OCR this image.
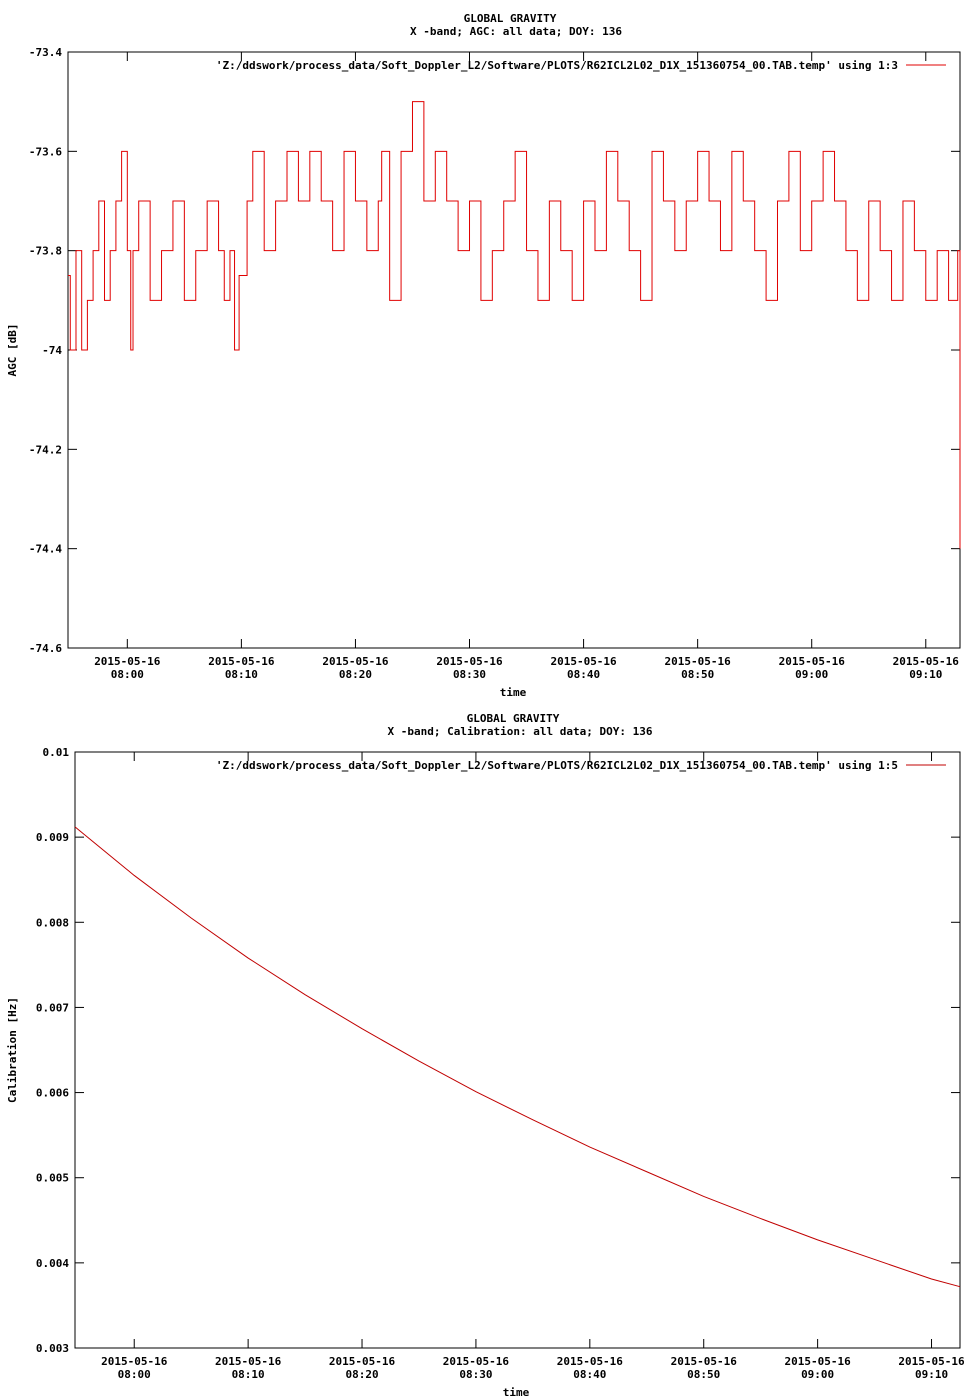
GLOBAL GRAVITY
X -band; AGC: all data; DOY: 136
-73.4
-73.6
-73.8
-74
-74.2
-74.4
-74.6
2015-05-16
08:00
2015-05-16
08:10
2015-05-16
08:20
2015-05-16
08:30
2015-05-16
08:40
2015-05-16
08:50
2015-05-16
09:00
2015-05-16
09:10
time
AGC [dB]
'Z:/ddswork/process_data/Soft_Doppler_L2/Software/PLOTS/R62ICL2L02_D1X_151360754_00.TAB.temp' using 1:3
GLOBAL GRAVITY
X -band; Calibration: all data; DOY: 136
0.01
0.009
0.008
0.007
0.006
0.005
0.004
0.003
2015-05-16
08:00
2015-05-16
08:10
2015-05-16
08:20
2015-05-16
08:30
2015-05-16
08:40
2015-05-16
08:50
2015-05-16
09:00
2015-05-16
09:10
time
Calibration [Hz]
'Z:/ddswork/process_data/Soft_Doppler_L2/Software/PLOTS/R62ICL2L02_D1X_151360754_00.TAB.temp' using 1:5
